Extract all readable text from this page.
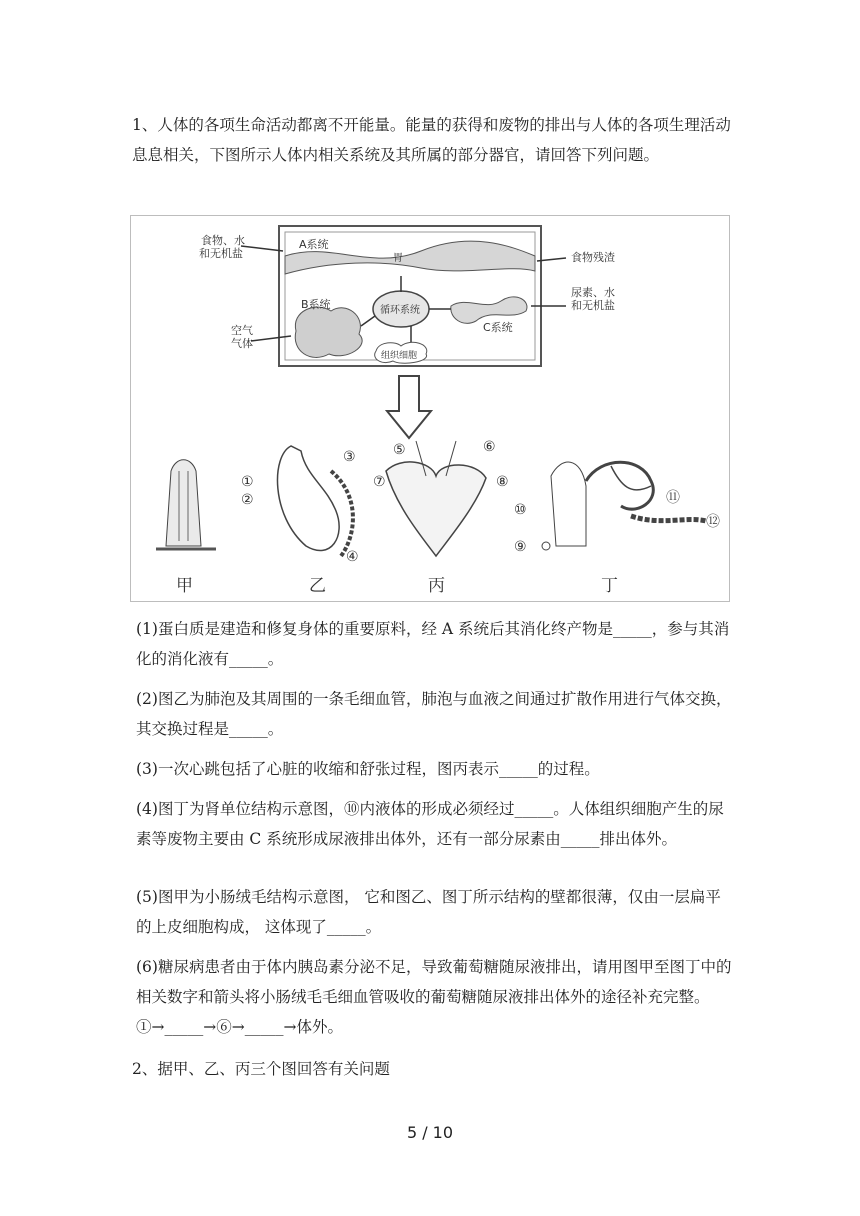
1、人体的各项生命活动都离不开能量。能量的获得和废物的排出与人体的各项生理活动息息相关，下图所示人体内相关系统及其所属的部分器官，请回答下列问题。

食物、水 和无机盐
A系统
胃	食物残渣
尿素、水 和无机盐
B系统	循环系统
C系统
空气 气体
组织细胞
①
②
③
④
⑤	⑥
⑦	⑧
⑨
⑩
⑪
⑫
甲	乙	丙	丁

(1)蛋白质是建造和修复身体的重要原料，经 A 系统后其消化终产物是_____，参与其消化的消化液有_____。

(2)图乙为肺泡及其周围的一条毛细血管，肺泡与血液之间通过扩散作用进行气体交换，其交换过程是_____。

(3)一次心跳包括了心脏的收缩和舒张过程，图丙表示_____的过程。

(4)图丁为肾单位结构示意图，⑩内液体的形成必须经过_____。人体组织细胞产生的尿素等废物主要由 C 系统形成尿液排出体外，还有一部分尿素由_____排出体外。

(5)图甲为小肠绒毛结构示意图， 它和图乙、图丁所示结构的壁都很薄，仅由一层扁平的上皮细胞构成， 这体现了_____。

(6)糖尿病患者由于体内胰岛素分泌不足，导致葡萄糖随尿液排出，请用图甲至图丁中的相关数字和箭头将小肠绒毛毛细血管吸收的葡萄糖随尿液排出体外的途径补充完整。①→_____→⑥→_____→体外。

2、据甲、乙、丙三个图回答有关问题

5 / 10
